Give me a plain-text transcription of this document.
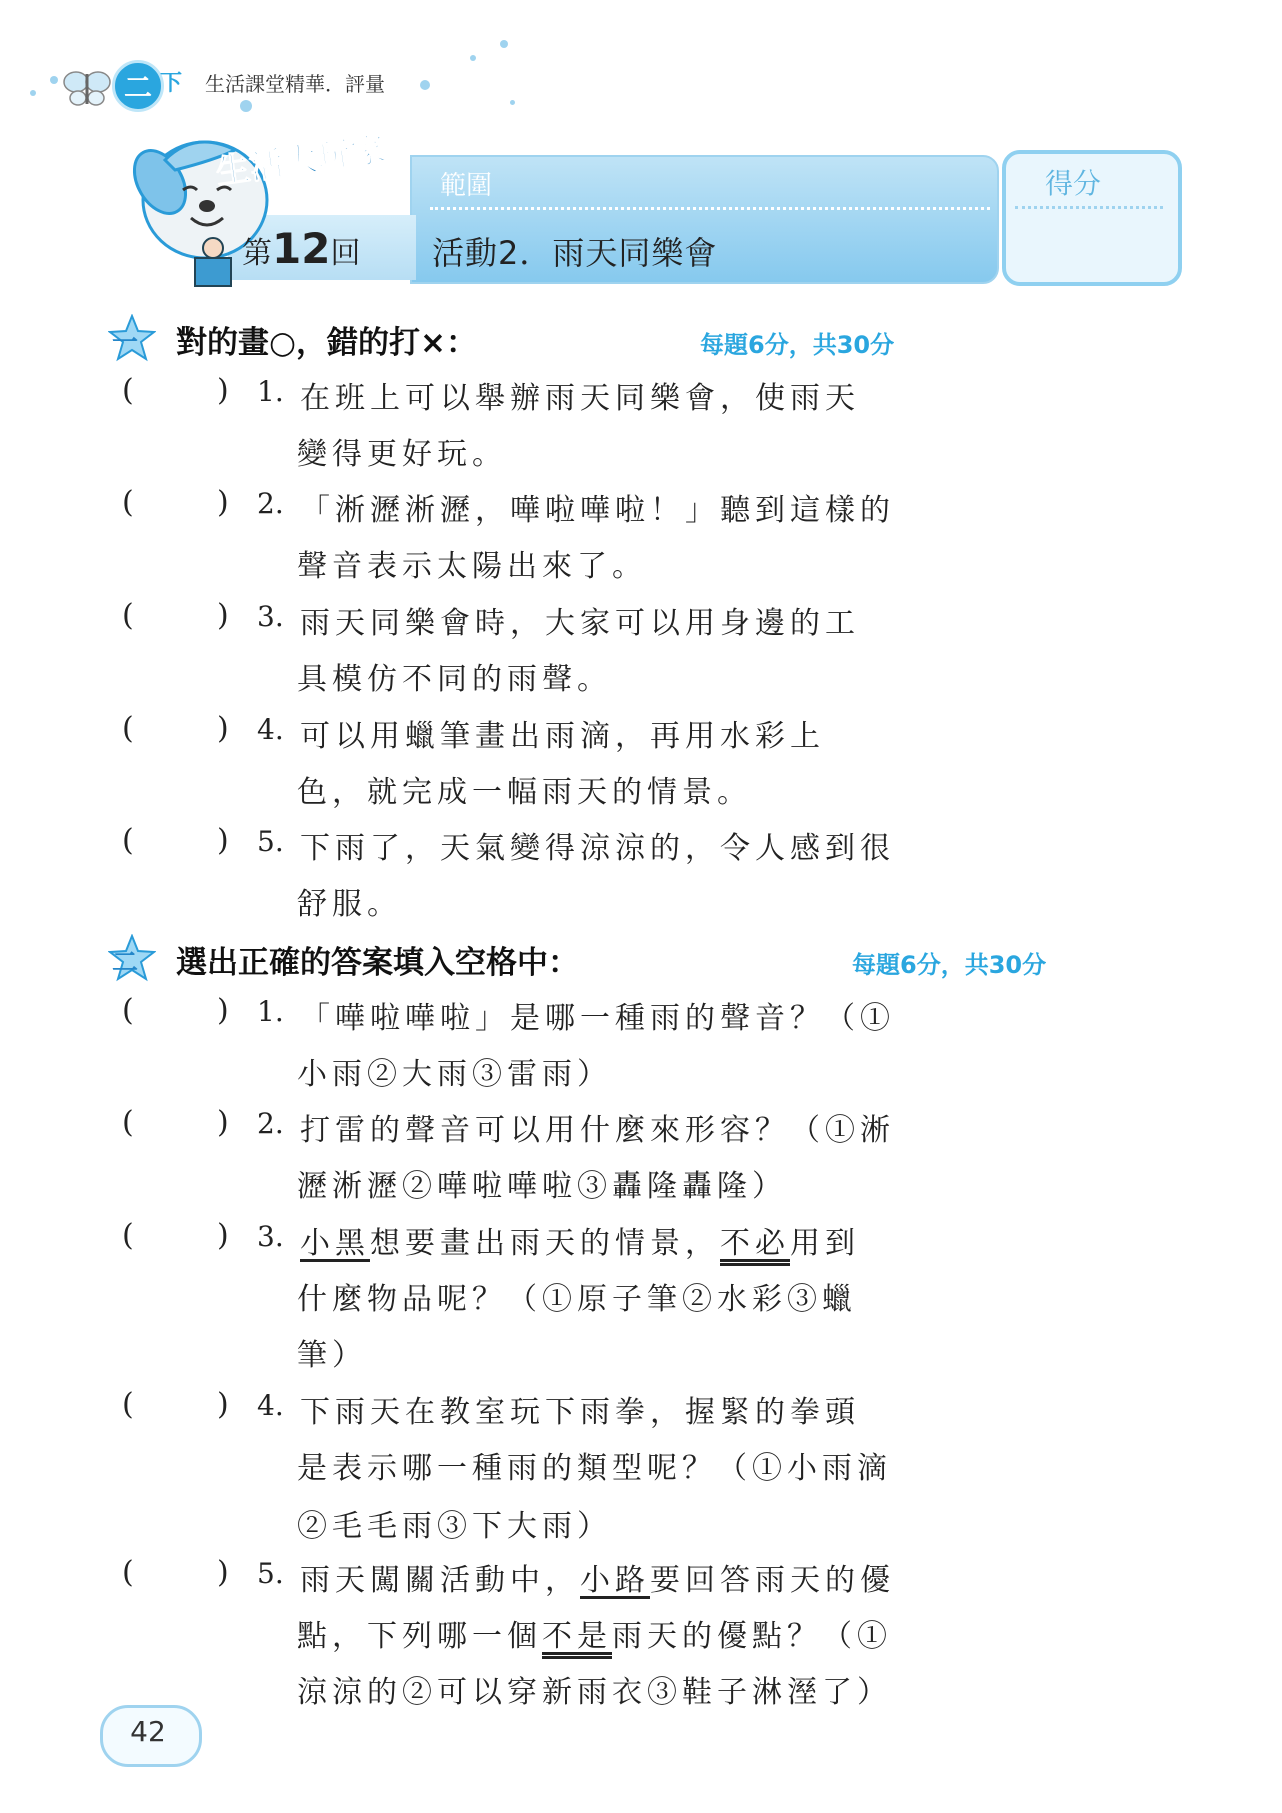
二 下 生活課堂精華．評量
生活大玩家
第12回
範圍
活動2．雨天同樂會
得分
一 對的畫○，錯的打×：	每題6分，共30分
(	) 1. 在班上可以舉辦雨天同樂會，使雨天
變得更好玩。
(	) 2. 「淅瀝淅瀝，嘩啦嘩啦！」聽到這樣的
聲音表示太陽出來了。
(	) 3. 雨天同樂會時，大家可以用身邊的工
具模仿不同的雨聲。
(	) 4. 可以用蠟筆畫出雨滴，再用水彩上
色，就完成一幅雨天的情景。
(	) 5. 下雨了，天氣變得涼涼的，令人感到很
舒服。
二 選出正確的答案填入空格中：	每題6分，共30分
(	) 1. 「嘩啦嘩啦」是哪一種雨的聲音？（①
小雨②大雨③雷雨）
(	) 2. 打雷的聲音可以用什麼來形容？（①淅
瀝淅瀝②嘩啦嘩啦③轟隆轟隆）
(	) 3. 小黑想要畫出雨天的情景，不必用到
什麼物品呢？（①原子筆②水彩③蠟
筆）
(	) 4. 下雨天在教室玩下雨拳，握緊的拳頭
是表示哪一種雨的類型呢？（①小雨滴
②毛毛雨③下大雨）
(	) 5. 雨天闖關活動中，小路要回答雨天的優
點，下列哪一個不是雨天的優點？（①
涼涼的②可以穿新雨衣③鞋子淋溼了）
42
